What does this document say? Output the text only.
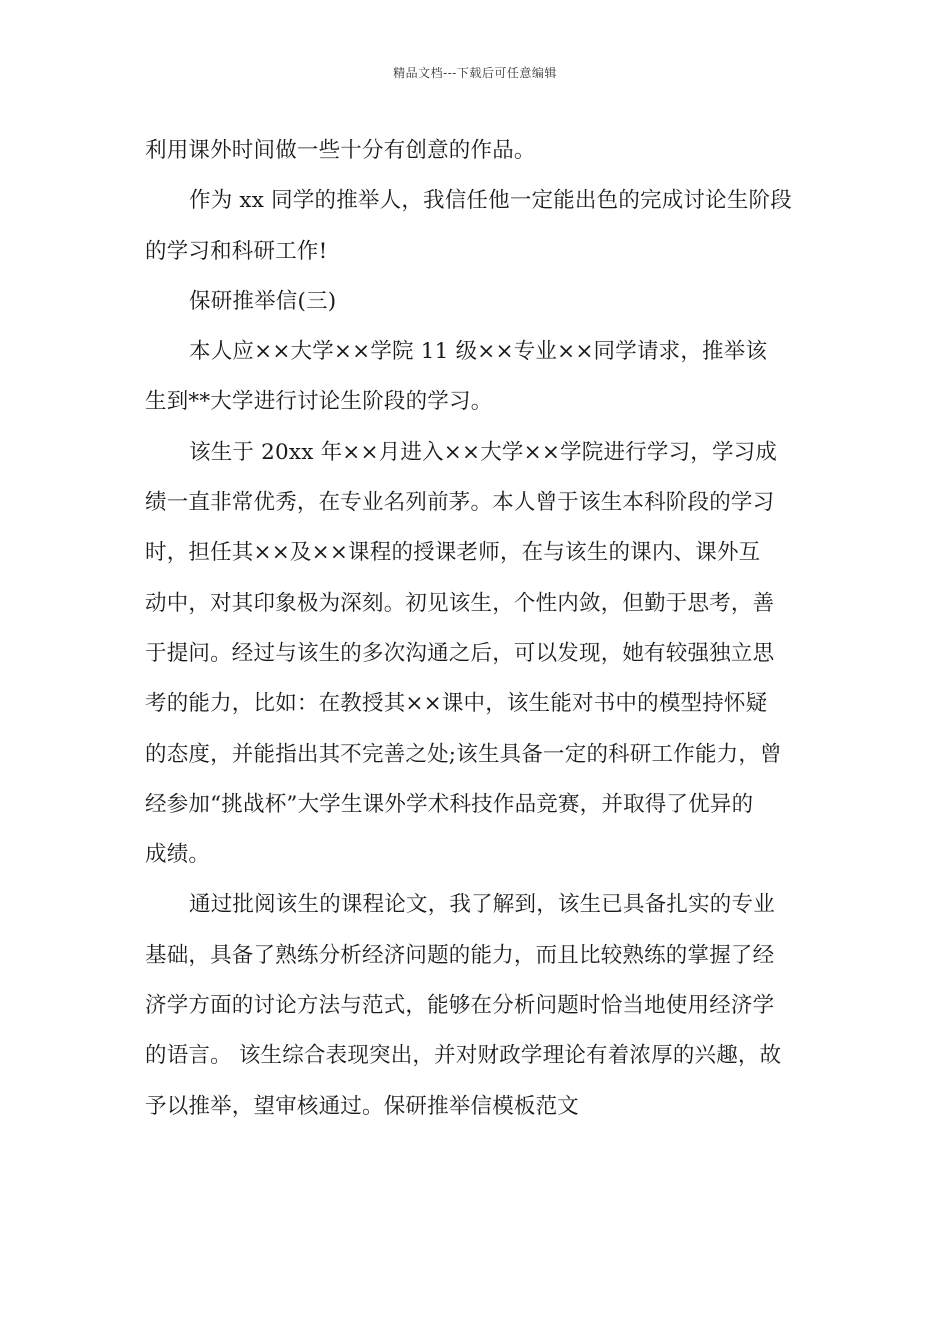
精品文档---下载后可任意编辑
利用课外时间做一些十分有创意的作品。
作为 xx 同学的推举人，我信任他一定能出色的完成讨论生阶段
的学习和科研工作!
保研推举信(三)
本人应××大学××学院 11 级××专业××同学请求，推举该
生到**大学进行讨论生阶段的学习。
该生于 20xx 年××月进入××大学××学院进行学习，学习成
绩一直非常优秀，在专业名列前茅。本人曾于该生本科阶段的学习
时，担任其××及××课程的授课老师，在与该生的课内、课外互
动中，对其印象极为深刻。初见该生，个性内敛，但勤于思考，善
于提问。经过与该生的多次沟通之后，可以发现，她有较强独立思
考的能力，比如：在教授其××课中，该生能对书中的模型持怀疑
的态度，并能指出其不完善之处;该生具备一定的科研工作能力，曾
经参加“挑战杯”大学生课外学术科技作品竞赛，并取得了优异的
成绩。
通过批阅该生的课程论文，我了解到，该生已具备扎实的专业
基础，具备了熟练分析经济问题的能力，而且比较熟练的掌握了经
济学方面的讨论方法与范式，能够在分析问题时恰当地使用经济学
的语言。 该生综合表现突出，并对财政学理论有着浓厚的兴趣，故
予以推举，望审核通过。保研推举信模板范文
